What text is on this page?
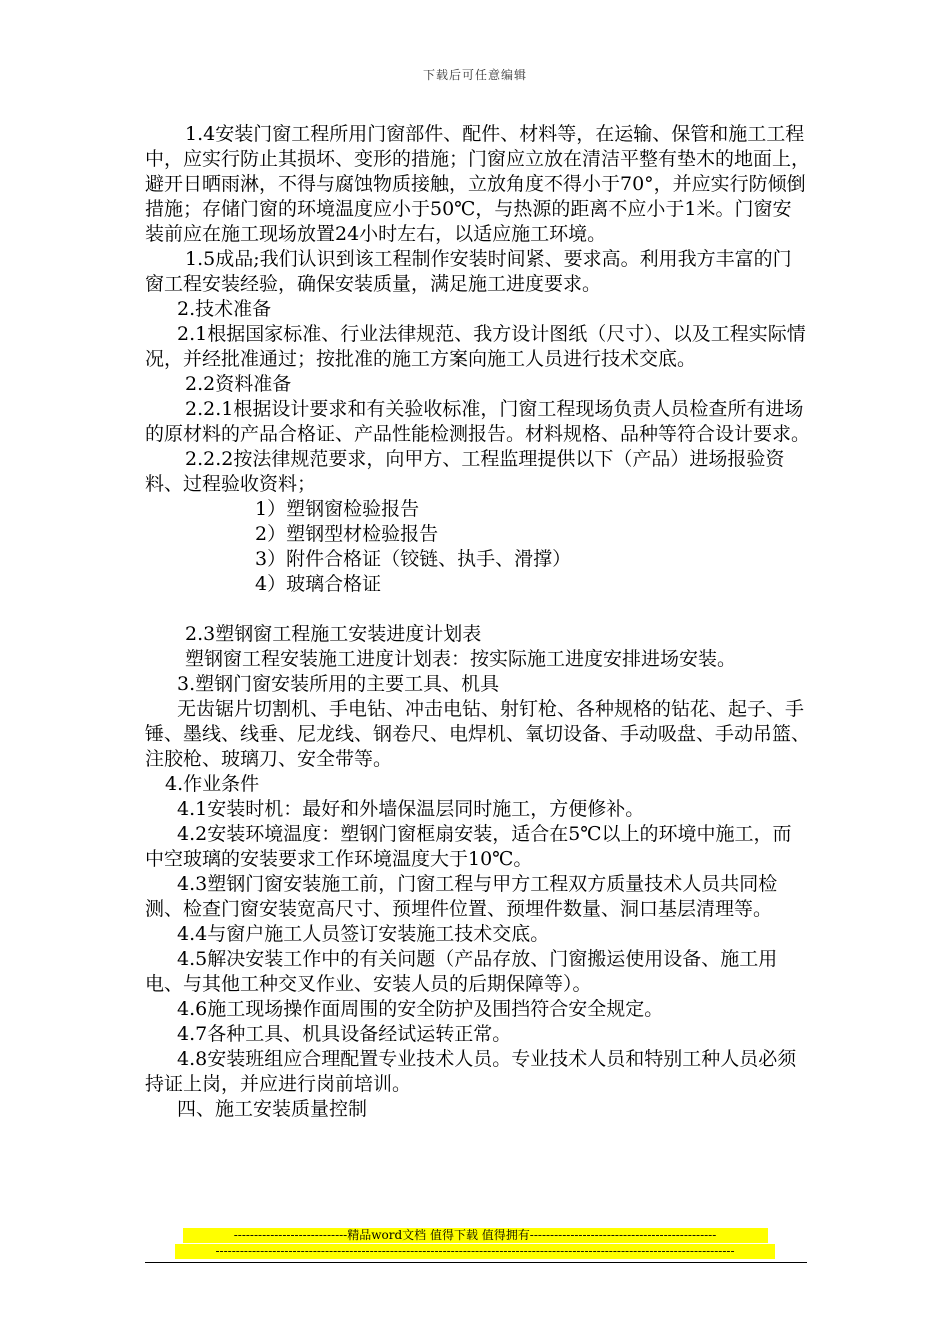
下载后可任意编辑

1.4安装门窗工程所用门窗部件、配件、材料等，在运输、保管和施工工程中，应实行防止其损坏、变形的措施；门窗应立放在清洁平整有垫木的地面上，避开日晒雨淋，不得与腐蚀物质接触，立放角度不得小于70°，并应实行防倾倒措施；存储门窗的环境温度应小于50℃，与热源的距离不应小于1米。门窗安装前应在施工现场放置24小时左右，以适应施工环境。

1.5成品;我们认识到该工程制作安装时间紧、要求高。利用我方丰富的门窗工程安装经验，确保安装质量，满足施工进度要求。

2.技术准备

2.1根据国家标准、行业法律规范、我方设计图纸（尺寸）、以及工程实际情况，并经批准通过；按批准的施工方案向施工人员进行技术交底。

2.2资料准备

2.2.1根据设计要求和有关验收标准，门窗工程现场负责人员检查所有进场的原材料的产品合格证、产品性能检测报告。材料规格、品种等符合设计要求。

2.2.2按法律规范要求，向甲方、工程监理提供以下（产品）进场报验资料、过程验收资料；

1）塑钢窗检验报告

2）塑钢型材检验报告

3）附件合格证（铰链、执手、滑撑）

4）玻璃合格证

2.3塑钢窗工程施工安装进度计划表

塑钢窗工程安装施工进度计划表：按实际施工进度安排进场安装。

3.塑钢门窗安装所用的主要工具、机具

无齿锯片切割机、手电钻、冲击电钻、射钉枪、各种规格的钻花、起子、手锤、墨线、线垂、尼龙线、钢卷尺、电焊机、氧切设备、手动吸盘、手动吊篮、注胶枪、玻璃刀、安全带等。

4.作业条件

4.1安装时机：最好和外墙保温层同时施工，方便修补。

4.2安装环境温度：塑钢门窗框扇安装，适合在5℃以上的环境中施工，而中空玻璃的安装要求工作环境温度大于10℃。

4.3塑钢门窗安装施工前，门窗工程与甲方工程双方质量技术人员共同检测、检查门窗安装宽高尺寸、预埋件位置、预埋件数量、洞口基层清理等。

4.4与窗户施工人员签订安装施工技术交底。

4.5解决安装工作中的有关问题（产品存放、门窗搬运使用设备、施工用电、与其他工种交叉作业、安装人员的后期保障等）。

4.6施工现场操作面周围的安全防护及围挡符合安全规定。

4.7各种工具、机具设备经试运转正常。

4.8安装班组应合理配置专业技术人员。专业技术人员和特别工种人员必须持证上岗，并应进行岗前培训。

四、施工安装质量控制

----------------------------精品word文档 值得下载 值得拥有----------------------------------------------
--------------------------------------------------------------------------------------------------------------------------------
